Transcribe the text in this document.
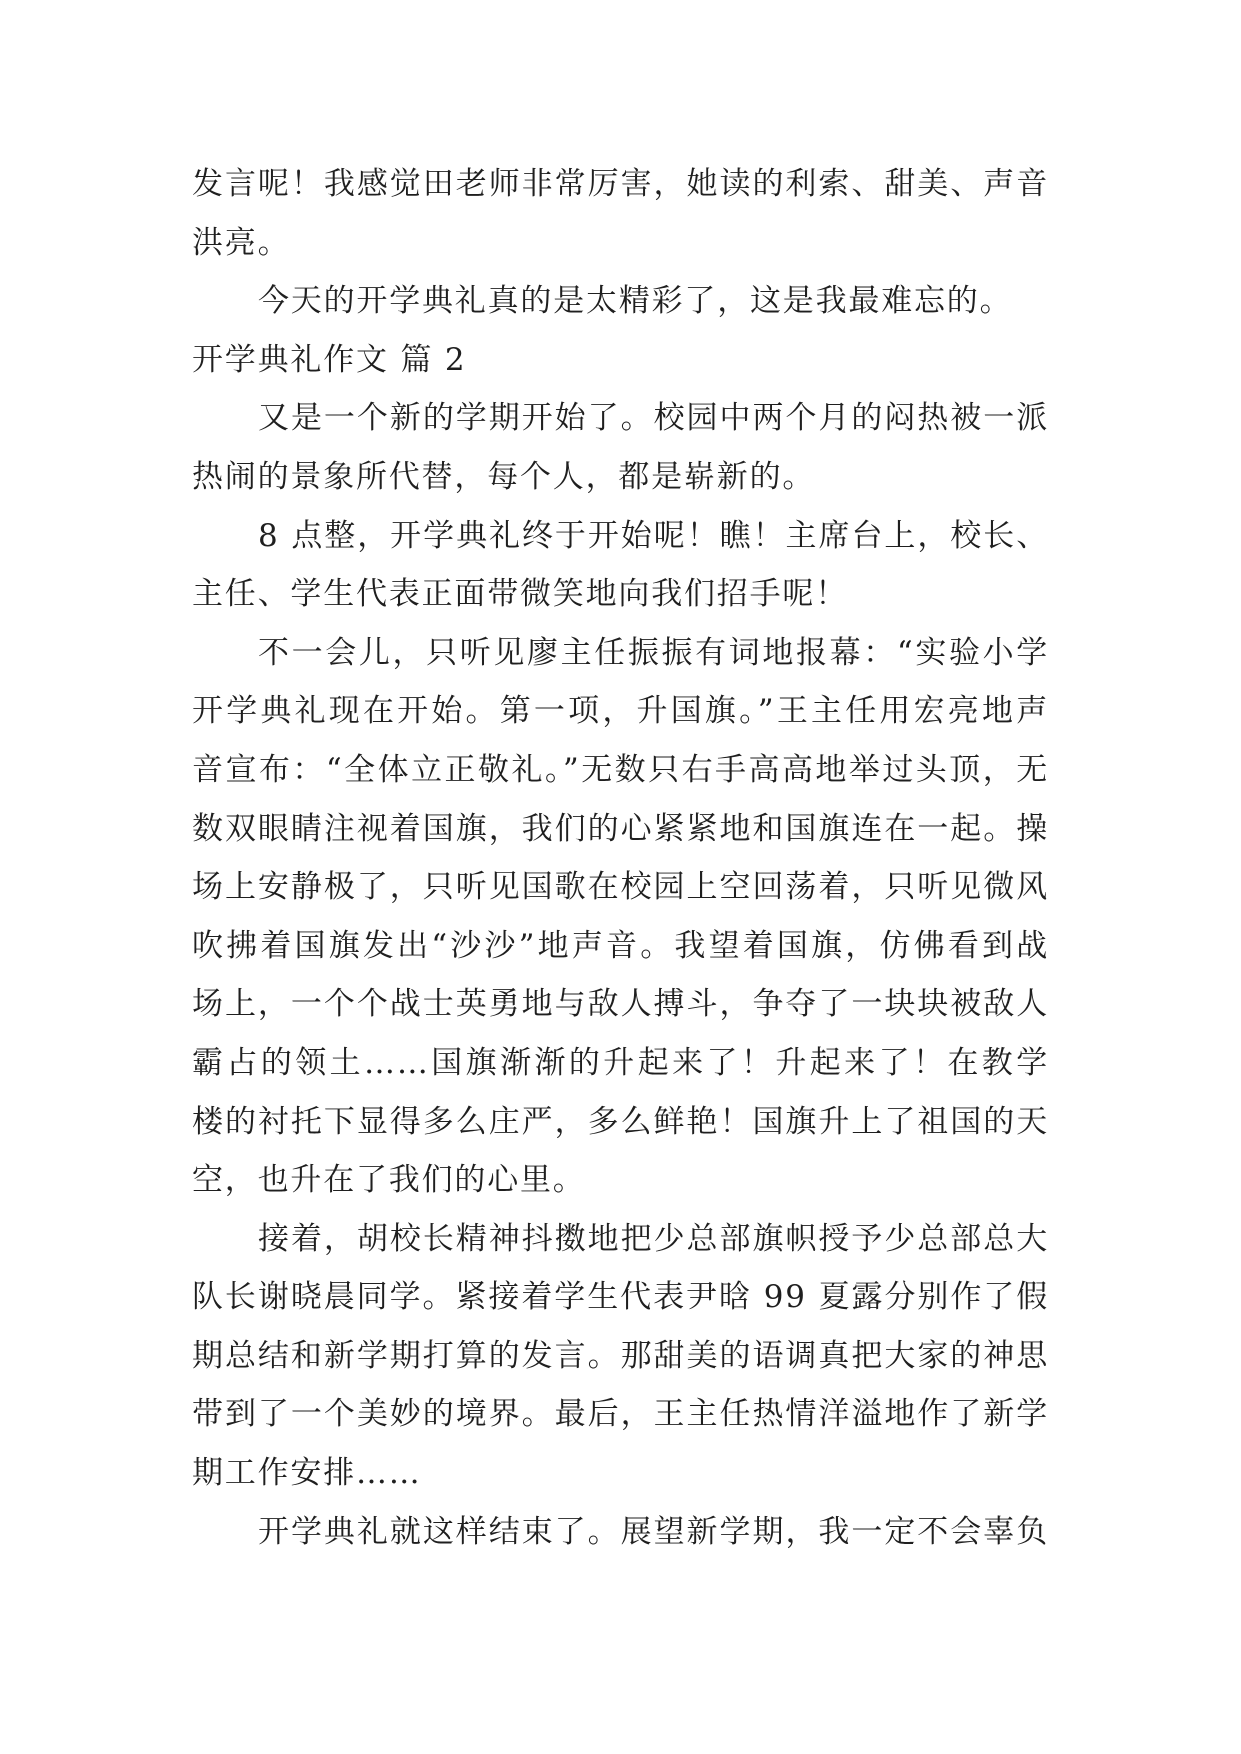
发言呢！我感觉田老师非常厉害，她读的利索、甜美、声音
洪亮。
今天的开学典礼真的是太精彩了，这是我最难忘的。
开学典礼作文 篇 2
又是一个新的学期开始了。校园中两个月的闷热被一派
热闹的景象所代替，每个人，都是崭新的。
8 点整，开学典礼终于开始呢！瞧！主席台上，校长、
主任、学生代表正面带微笑地向我们招手呢！
不一会儿，只听见廖主任振振有词地报幕：“实验小学
开学典礼现在开始。第一项，升国旗。”王主任用宏亮地声
音宣布：“全体立正敬礼。”无数只右手高高地举过头顶，无
数双眼睛注视着国旗，我们的心紧紧地和国旗连在一起。操
场上安静极了，只听见国歌在校园上空回荡着，只听见微风
吹拂着国旗发出“沙沙”地声音。我望着国旗，仿佛看到战
场上，一个个战士英勇地与敌人搏斗，争夺了一块块被敌人
霸占的领土……国旗渐渐的升起来了！升起来了！在教学
楼的衬托下显得多么庄严，多么鲜艳！国旗升上了祖国的天
空，也升在了我们的心里。
接着，胡校长精神抖擞地把少总部旗帜授予少总部总大
队长谢晓晨同学。紧接着学生代表尹晗 99 夏露分别作了假
期总结和新学期打算的发言。那甜美的语调真把大家的神思
带到了一个美妙的境界。最后，王主任热情洋溢地作了新学
期工作安排……
开学典礼就这样结束了。展望新学期，我一定不会辜负
